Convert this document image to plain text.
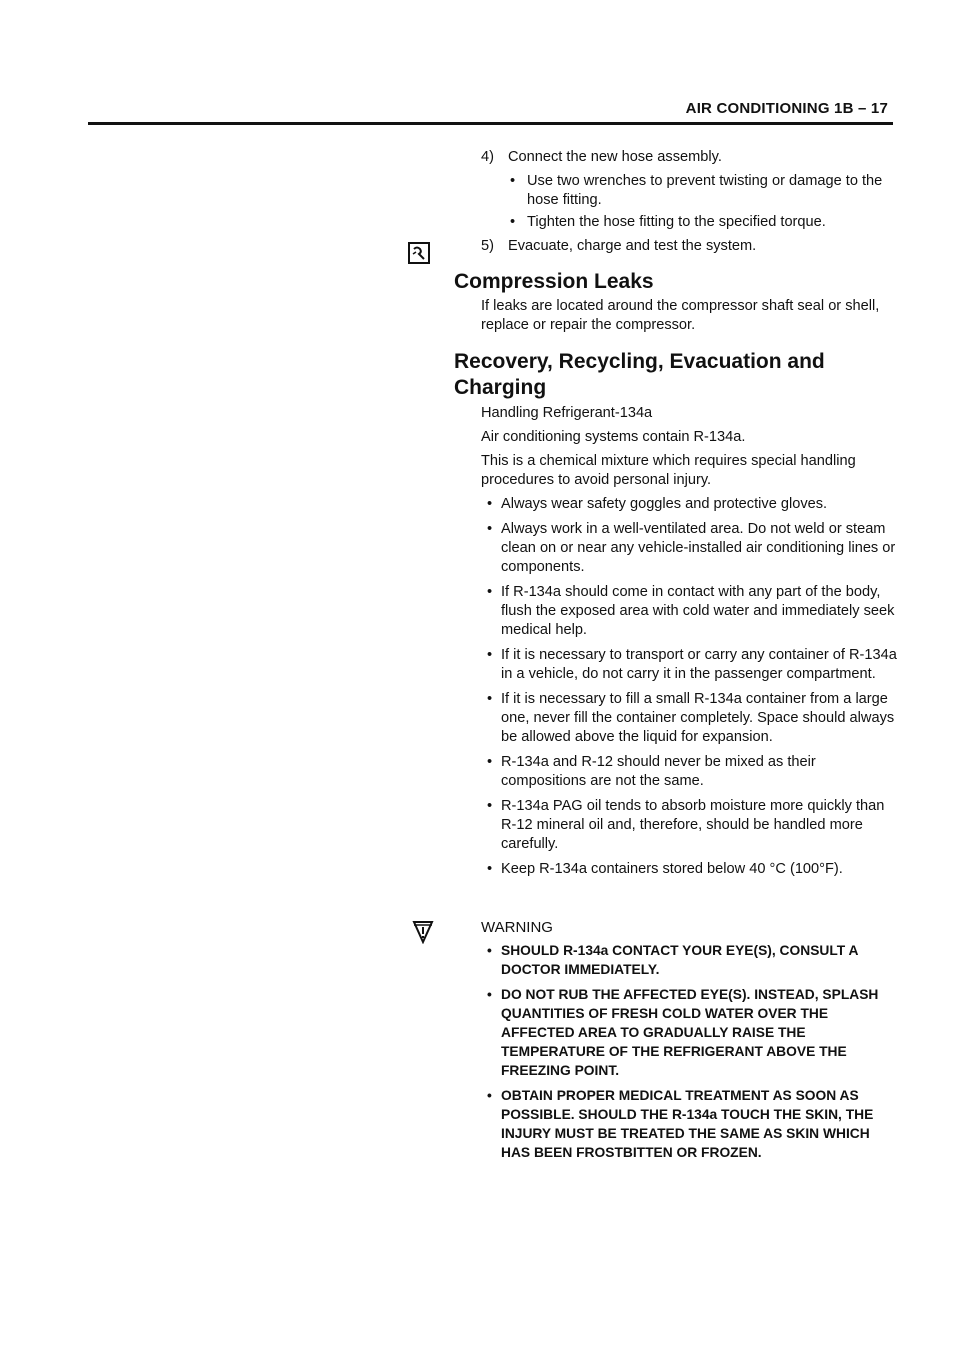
AIR CONDITIONING 1B – 17
4) Connect the new hose assembly.
• Use two wrenches to prevent twisting or damage to the hose fitting.
• Tighten the hose fitting to the specified torque.
5) Evacuate, charge and test the system.
Compression Leaks
If leaks are located around the compressor shaft seal or shell, replace or repair the compressor.
Recovery, Recycling, Evacuation and Charging
Handling Refrigerant-134a
Air conditioning systems contain R-134a.
This is a chemical mixture which requires special handling procedures to avoid personal injury.
• Always wear safety goggles and protective gloves.
• Always work in a well-ventilated area. Do not weld or steam clean on or near any vehicle-installed air conditioning lines or components.
• If R-134a should come in contact with any part of the body, flush the exposed area with cold water and immediately seek medical help.
• If it is necessary to transport or carry any container of R-134a in a vehicle, do not carry it in the passenger compartment.
• If it is necessary to fill a small R-134a container from a large one, never fill the container completely. Space should always be allowed above the liquid for expansion.
• R-134a and R-12 should never be mixed as their compositions are not the same.
• R-134a PAG oil tends to absorb moisture more quickly than R-12 mineral oil and, therefore, should be handled more carefully.
• Keep R-134a containers stored below 40 °C (100°F).
WARNING
• SHOULD R-134a CONTACT YOUR EYE(S), CONSULT A DOCTOR IMMEDIATELY.
• DO NOT RUB THE AFFECTED EYE(S). INSTEAD, SPLASH QUANTITIES OF FRESH COLD WATER OVER THE AFFECTED AREA TO GRADUALLY RAISE THE TEMPERATURE OF THE REFRIGERANT ABOVE THE FREEZING POINT.
• OBTAIN PROPER MEDICAL TREATMENT AS SOON AS POSSIBLE. SHOULD THE R-134a TOUCH THE SKIN, THE INJURY MUST BE TREATED THE SAME AS SKIN WHICH HAS BEEN FROSTBITTEN OR FROZEN.
